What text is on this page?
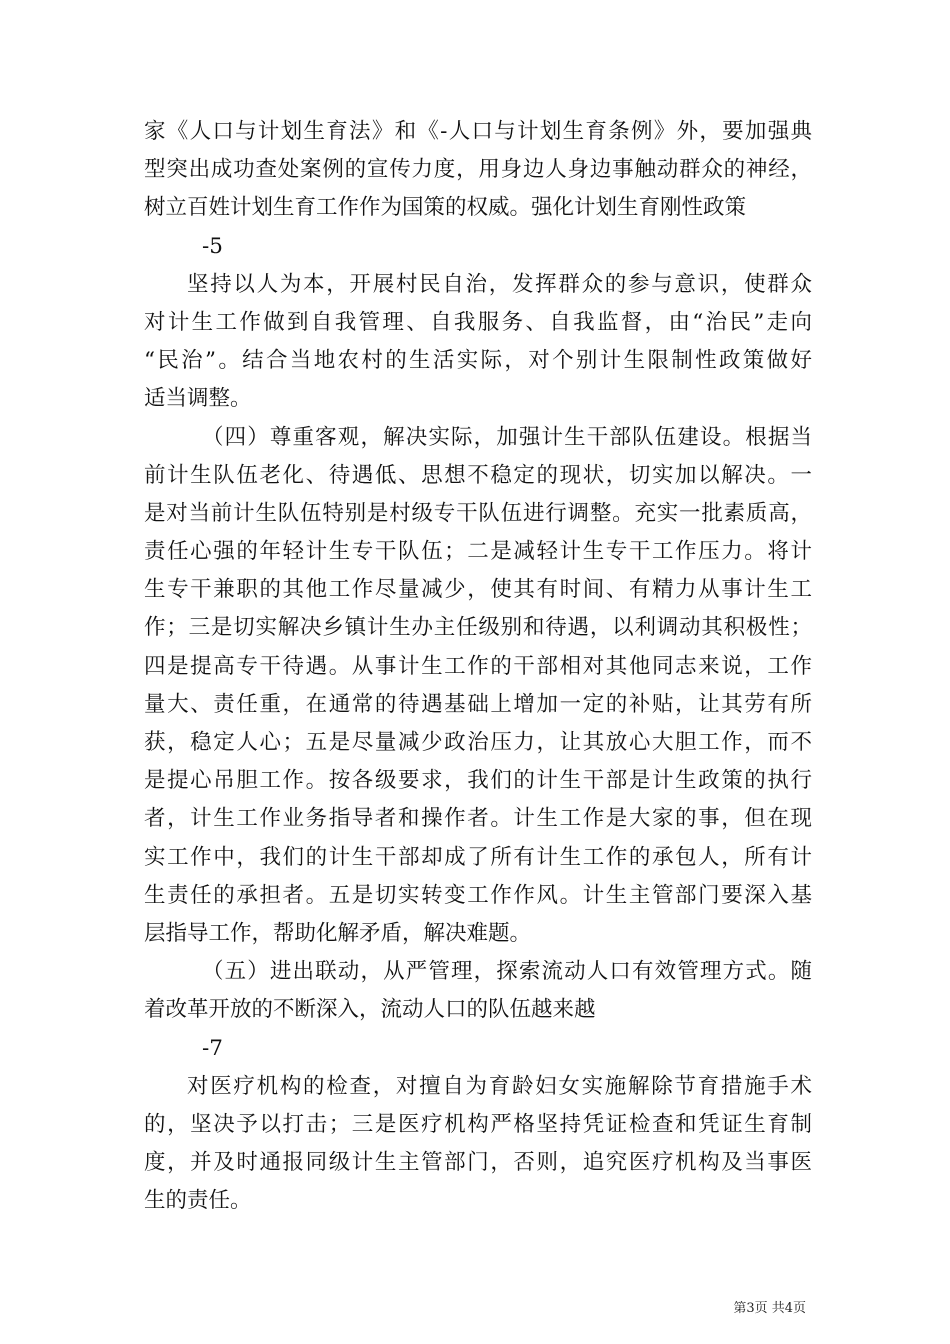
家《人口与计划生育法》和《-人口与计划生育条例》外，要加强典
型突出成功查处案例的宣传力度，用身边人身边事触动群众的神经，
树立百姓计划生育工作作为国策的权威。强化计划生育刚性政策
-5
坚持以人为本，开展村民自治，发挥群众的参与意识，使群众
对计生工作做到自我管理、自我服务、自我监督，由“治民”走向
“民治”。结合当地农村的生活实际，对个别计生限制性政策做好
适当调整。
（四）尊重客观，解决实际，加强计生干部队伍建设。根据当
前计生队伍老化、待遇低、思想不稳定的现状，切实加以解决。一
是对当前计生队伍特别是村级专干队伍进行调整。充实一批素质高，
责任心强的年轻计生专干队伍；二是减轻计生专干工作压力。将计
生专干兼职的其他工作尽量减少，使其有时间、有精力从事计生工
作；三是切实解决乡镇计生办主任级别和待遇，以利调动其积极性；
四是提高专干待遇。从事计生工作的干部相对其他同志来说，工作
量大、责任重，在通常的待遇基础上增加一定的补贴，让其劳有所
获，稳定人心；五是尽量减少政治压力，让其放心大胆工作，而不
是提心吊胆工作。按各级要求，我们的计生干部是计生政策的执行
者，计生工作业务指导者和操作者。计生工作是大家的事，但在现
实工作中，我们的计生干部却成了所有计生工作的承包人，所有计
生责任的承担者。五是切实转变工作作风。计生主管部门要深入基
层指导工作，帮助化解矛盾，解决难题。
（五）进出联动，从严管理，探索流动人口有效管理方式。随
着改革开放的不断深入，流动人口的队伍越来越
-7
对医疗机构的检查，对擅自为育龄妇女实施解除节育措施手术
的，坚决予以打击；三是医疗机构严格坚持凭证检查和凭证生育制
度，并及时通报同级计生主管部门，否则，追究医疗机构及当事医
生的责任。
第3页 共4页
